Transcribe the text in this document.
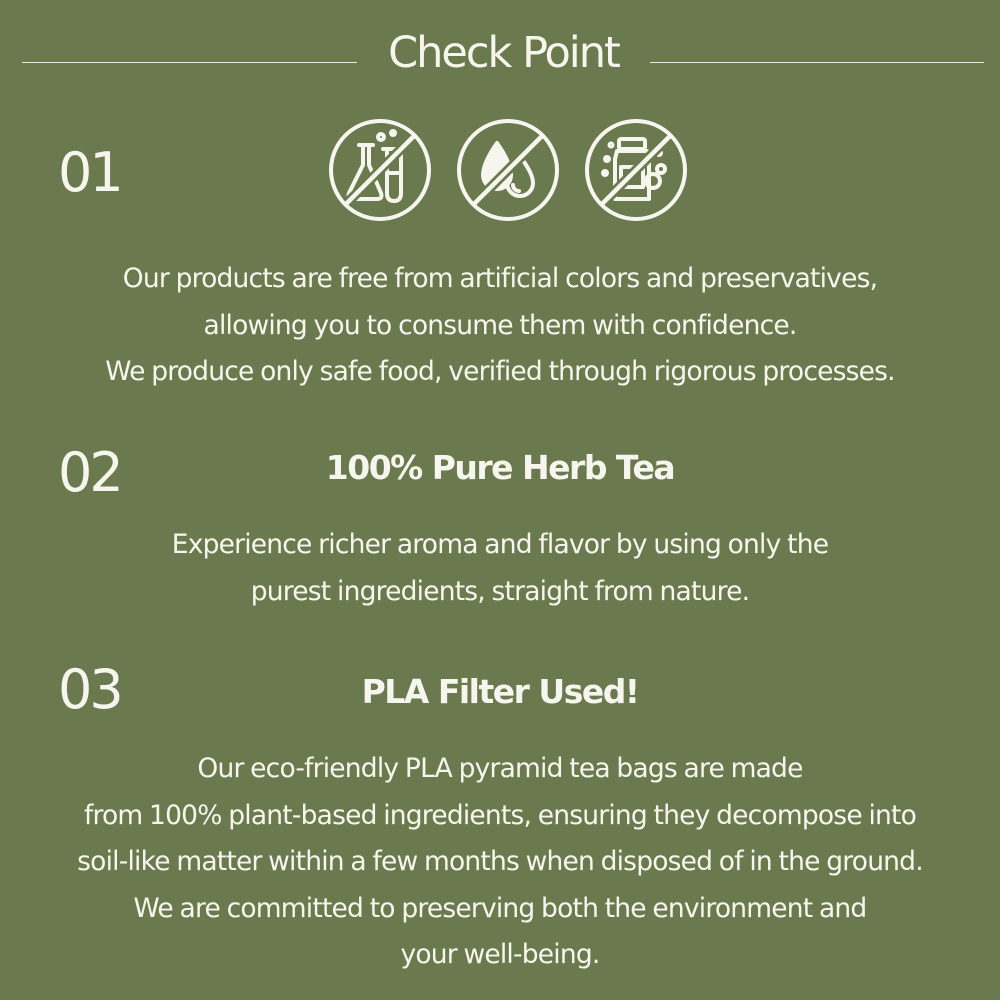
Check Point
01
Our products are free from artificial colors and preservatives,
allowing you to consume them with confidence.
We produce only safe food, verified through rigorous processes.
02	100% Pure Herb Tea
Experience richer aroma and flavor by using only the
purest ingredients, straight from nature.
03	PLA Filter Used!
Our eco-friendly PLA pyramid tea bags are made
from 100% plant-based ingredients, ensuring they decompose into
soil-like matter within a few months when disposed of in the ground.
We are committed to preserving both the environment and
your well-being.
